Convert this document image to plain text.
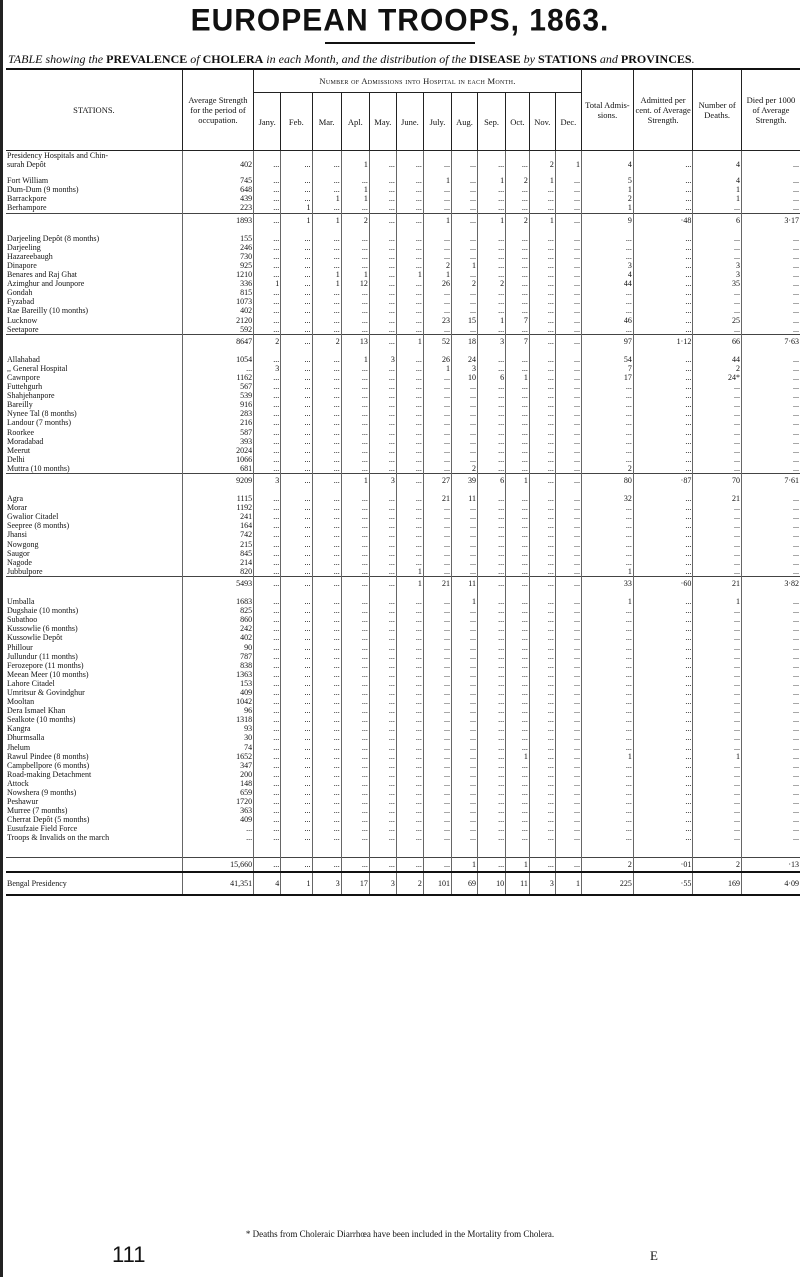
EUROPEAN TROOPS, 1863.
TABLE showing the PREVALENCE of CHOLERA in each Month, and the distribution of the DISEASE by STATIONS and PROVINCES.
STATIONS.	Average Strength for the period of occupation.	Number of Admissions into Hospital in each Month.												Total Admis-sions.	Admitted per cent. of Average Strength.	Number of Deaths.	Died per 1000 of Average Strength.
		Jany.	Feb.	Mar.	Apl.	May.	June.	July.	Aug.	Sep.	Oct.	Nov.	Dec.				
Presidency Hospitals and Chin-																	
surah Depôt	402	...	...	...	1	...	...	...	...	...	...	2	1	4	...	4	...

Fort William	745	...	...	...	...	...	...	1	...	1	2	1	...	5	...	4	...
Dum-Dum (9 months)	648	...	...	...	1	...	...	...	...	...	...	...	...	1	...	1	...
Barrackpore	439	...	...	1	1	...	...	...	...	...	...	...	...	2	...	1	...
Berhampore	223	...	1	...	...	...	...	...	...	...	...	...	...	1	...	...	...
	1893	...	1	1	2	...	...	1	...	1	2	1	...	9	·48	6	3·17

Darjeeling Depôt (8 months)	155	...	...	...	...	...	...	...	...	...	...	...	...	...	...	...	...
Darjeeling	246	...	...	...	...	...	...	...	...	...	...	...	...	...	...	...	...
Hazareebaugh	730	...	...	...	...	...	...	...	...	...	...	...	...	...	...	...	...
Dinapore	925	...	...	...	...	...	...	2	1	...	...	...	...	3	...	3	...
Benares and Raj Ghat	1210	...	...	1	1	...	1	1	...	...	...	...	...	4	...	3	...
Azimghur and Jounpore	336	1	...	1	12	...	...	26	2	2	...	...	...	44	...	35	...
Gondah	815	...	...	...	...	...	...	...	...	...	...	...	...	...	...	...	...
Fyzabad	1073	...	...	...	...	...	...	...	...	...	...	...	...	...	...	...	...
Rae Bareilly (10 months)	402	...	...	...	...	...	...	...	...	...	...	...	...	...	...	...	...
Lucknow	2120	...	...	...	...	...	...	23	15	1	7	...	...	46	...	25	...
Seetapore	592	...	...	...	...	...	...	...	...	...	...	...	...	...	...	...	...
	8647	2	...	2	13	...	1	52	18	3	7	...	...	97	1·12	66	7·63

Allahabad	1054	...	...	...	1	3	...	26	24	...	...	...	...	54	...	44	...
,, General Hospital	...	3	...	...	...	...	...	1	3	...	...	...	...	7	...	2	...
Cawnpore	1162	...	...	...	...	...	...	...	10	6	1	...	...	17	...	24*	...
Futtehgurh	567	...	...	...	...	...	...	...	...	...	...	...	...	...	...	...	...
Shahjehanpore	539	...	...	...	...	...	...	...	...	...	...	...	...	...	...	...	...
Bareilly	916	...	...	...	...	...	...	...	...	...	...	...	...	...	...	...	...
Nynee Tal (8 months)	283	...	...	...	...	...	...	...	...	...	...	...	...	...	...	...	...
Landour (7 months)	216	...	...	...	...	...	...	...	...	...	...	...	...	...	...	...	...
Roorkee	587	...	...	...	...	...	...	...	...	...	...	...	...	...	...	...	...
Moradabad	393	...	...	...	...	...	...	...	...	...	...	...	...	...	...	...	...
Meerut	2024	...	...	...	...	...	...	...	...	...	...	...	...	...	...	...	...
Delhi	1066	...	...	...	...	...	...	...	...	...	...	...	...	...	...	...	...
Muttra (10 months)	681	...	...	...	...	...	...	...	2	...	...	...	...	2	...	...	...
	9209	3	...	...	1	3	...	27	39	6	1	...	...	80	·87	70	7·61

Agra	1115	...	...	...	...	...	...	21	11	...	...	...	...	32	...	21	...
Morar	1192	...	...	...	...	...	...	...	...	...	...	...	...	...	...	...	...
Gwalior Citadel	241	...	...	...	...	...	...	...	...	...	...	...	...	...	...	...	...
Seepree (8 months)	164	...	...	...	...	...	...	...	...	...	...	...	...	...	...	...	...
Jhansi	742	...	...	...	...	...	...	...	...	...	...	...	...	...	...	...	...
Nowgong	215	...	...	...	...	...	...	...	...	...	...	...	...	...	...	...	...
Saugor	845	...	...	...	...	...	...	...	...	...	...	...	...	...	...	...	...
Nagode	214	...	...	...	...	...	...	...	...	...	...	...	...	...	...	...	...
Jubbulpore	820	...	...	...	...	...	1	...	...	...	...	...	...	1	...	...	...
	5493	...	...	...	...	...	1	21	11	...	...	...	...	33	·60	21	3·82

Umballa	1683	...	...	...	...	...	...	...	1	...	...	...	...	1	...	1	...
Dugshaie (10 months)	825	...	...	...	...	...	...	...	...	...	...	...	...	...	...	...	...
Subathoo	860	...	...	...	...	...	...	...	...	...	...	...	...	...	...	...	...
Kussowlie (6 months)	242	...	...	...	...	...	...	...	...	...	...	...	...	...	...	...	...
Kussowlie Depôt	402	...	...	...	...	...	...	...	...	...	...	...	...	...	...	...	...
Phillour	90	...	...	...	...	...	...	...	...	...	...	...	...	...	...	...	...
Jullundur (11 months)	787	...	...	...	...	...	...	...	...	...	...	...	...	...	...	...	...
Ferozepore (11 months)	838	...	...	...	...	...	...	...	...	...	...	...	...	...	...	...	...
Meean Meer (10 months)	1363	...	...	...	...	...	...	...	...	...	...	...	...	...	...	...	...
Lahore Citadel	153	...	...	...	...	...	...	...	...	...	...	...	...	...	...	...	...
Umritsur & Govindghur	409	...	...	...	...	...	...	...	...	...	...	...	...	...	...	...	...
Mooltan	1042	...	...	...	...	...	...	...	...	...	...	...	...	...	...	...	...
Dera Ismael Khan	96	...	...	...	...	...	...	...	...	...	...	...	...	...	...	...	...
Sealkote (10 months)	1318	...	...	...	...	...	...	...	...	...	...	...	...	...	...	...	...
Kangra	93	...	...	...	...	...	...	...	...	...	...	...	...	...	...	...	...
Dhurmsalla	30	...	...	...	...	...	...	...	...	...	...	...	...	...	...	...	...
Jhelum	74	...	...	...	...	...	...	...	...	...	...	...	...	...	...	...	...
Rawul Pindee (8 months)	1652	...	...	...	...	...	...	...	...	...	1	...	...	1	...	1	...
Campbellpore (6 months)	347	...	...	...	...	...	...	...	...	...	...	...	...	...	...	...	...
Road-making Detachment	200	...	...	...	...	...	...	...	...	...	...	...	...	...	...	...	...
Attock	148	...	...	...	...	...	...	...	...	...	...	...	...	...	...	...	...
Nowshera (9 months)	659	...	...	...	...	...	...	...	...	...	...	...	...	...	...	...	...
Peshawur	1720	...	...	...	...	...	...	...	...	...	...	...	...	...	...	...	...
Murree (7 months)	363	...	...	...	...	...	...	...	...	...	...	...	...	...	...	...	...
Cherrat Depôt (5 months)	409	...	...	...	...	...	...	...	...	...	...	...	...	...	...	...	...
Eusufzaie Field Force	...	...	...	...	...	...	...	...	...	...	...	...	...	...	...	...	...
Troops & Invalids on the march	...	...	...	...	...	...	...	...	...	...	...	...	...	...	...	...	...
	15,660	...	...	...	...	...	...	...	1	...	1	...	...	2	·01	2	·13
Bengal Presidency	41,351	4	1	3	17	3	2	101	69	10	11	3	1	225	·55	169	4·09
* Deaths from Choleraic Diarrhœa have been included in the Mortality from Cholera.
111	E
